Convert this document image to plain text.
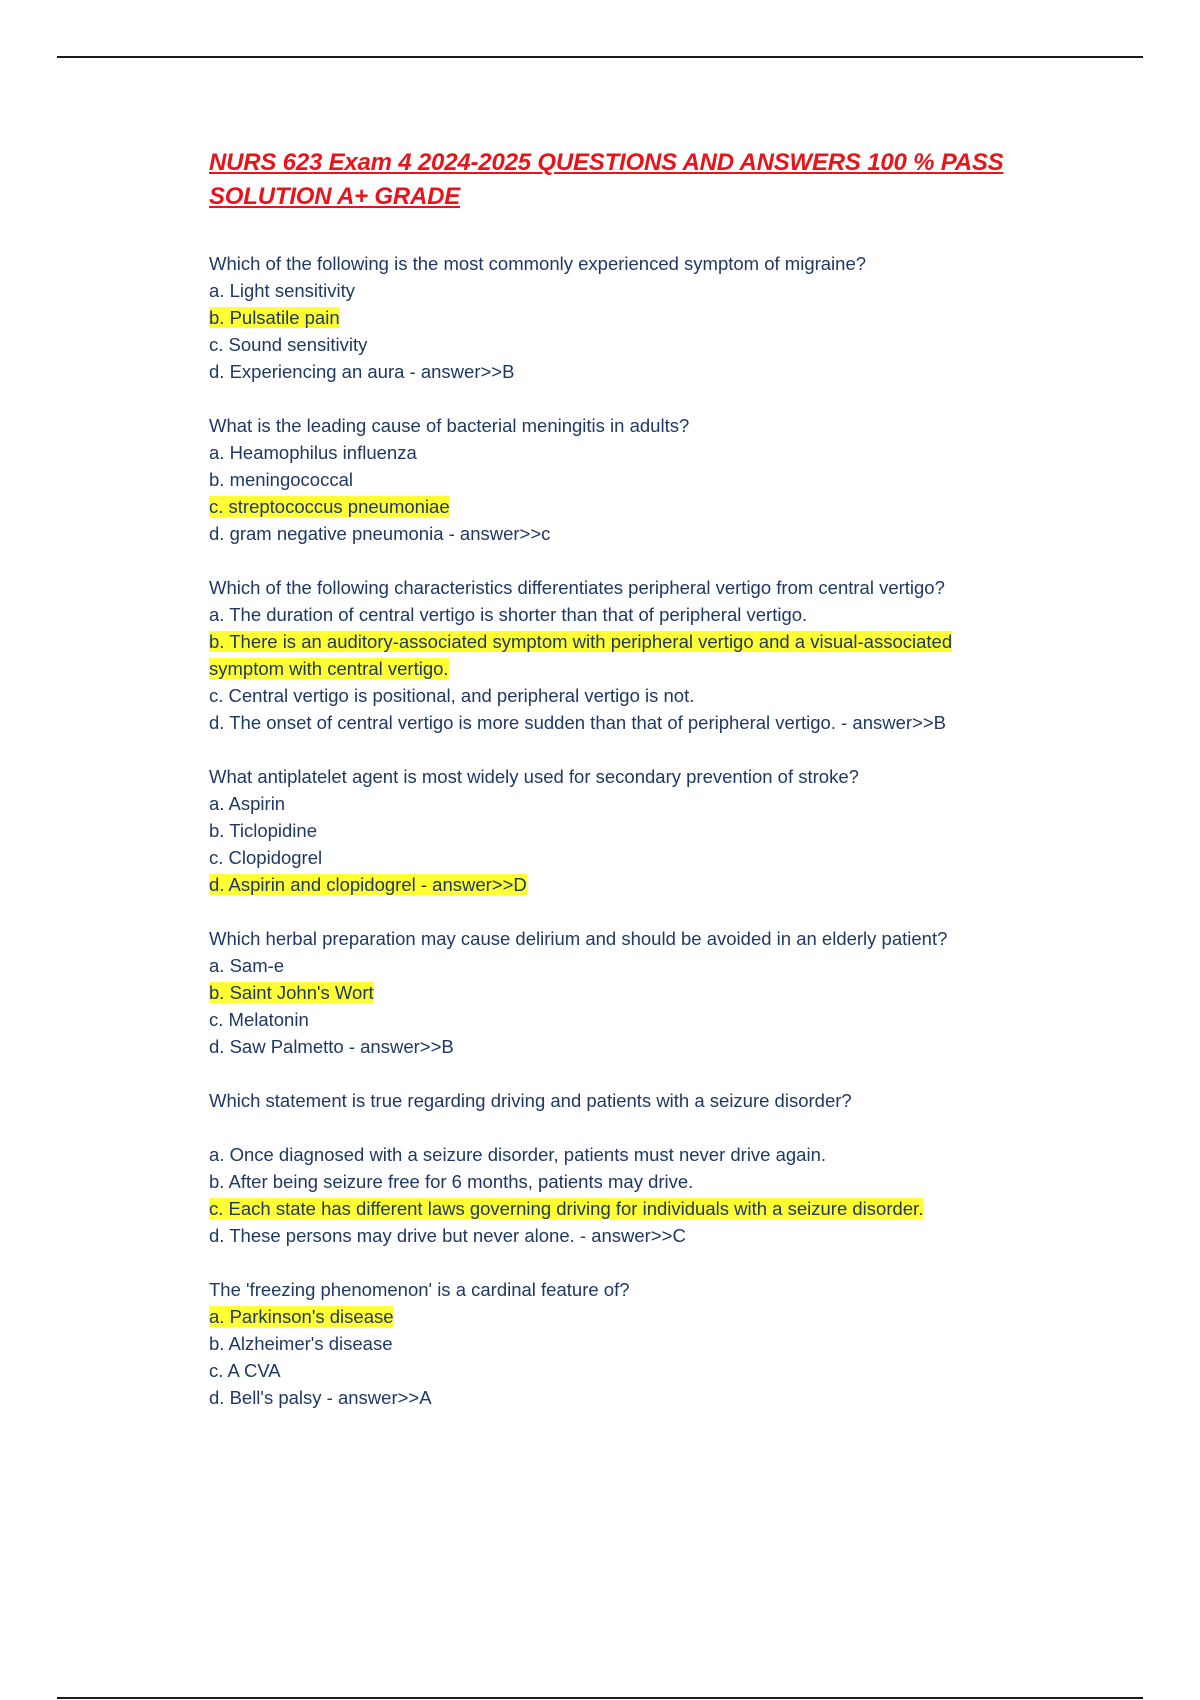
NURS 623 Exam 4 2024-2025 QUESTIONS AND ANSWERS 100 % PASS
SOLUTION A+ GRADE
Which of the following is the most commonly experienced symptom of migraine?
a. Light sensitivity
b. Pulsatile pain
c. Sound sensitivity
d. Experiencing an aura - answer>>B
What is the leading cause of bacterial meningitis in adults?
a. Heamophilus influenza
b. meningococcal
c. streptococcus pneumoniae
d. gram negative pneumonia - answer>>c
Which of the following characteristics differentiates peripheral vertigo from central vertigo?
a. The duration of central vertigo is shorter than that of peripheral vertigo.
b. There is an auditory-associated symptom with peripheral vertigo and a visual-associated symptom with central vertigo.
c. Central vertigo is positional, and peripheral vertigo is not.
d. The onset of central vertigo is more sudden than that of peripheral vertigo. - answer>>B
What antiplatelet agent is most widely used for secondary prevention of stroke?
a. Aspirin
b. Ticlopidine
c. Clopidogrel
d. Aspirin and clopidogrel - answer>>D
Which herbal preparation may cause delirium and should be avoided in an elderly patient?
a. Sam-e
b. Saint John's Wort
c. Melatonin
d. Saw Palmetto - answer>>B
Which statement is true regarding driving and patients with a seizure disorder?
a. Once diagnosed with a seizure disorder, patients must never drive again.
b. After being seizure free for 6 months, patients may drive.
c. Each state has different laws governing driving for individuals with a seizure disorder.
d. These persons may drive but never alone. - answer>>C
The 'freezing phenomenon' is a cardinal feature of?
a. Parkinson's disease
b. Alzheimer's disease
c. A CVA
d. Bell's palsy - answer>>A
